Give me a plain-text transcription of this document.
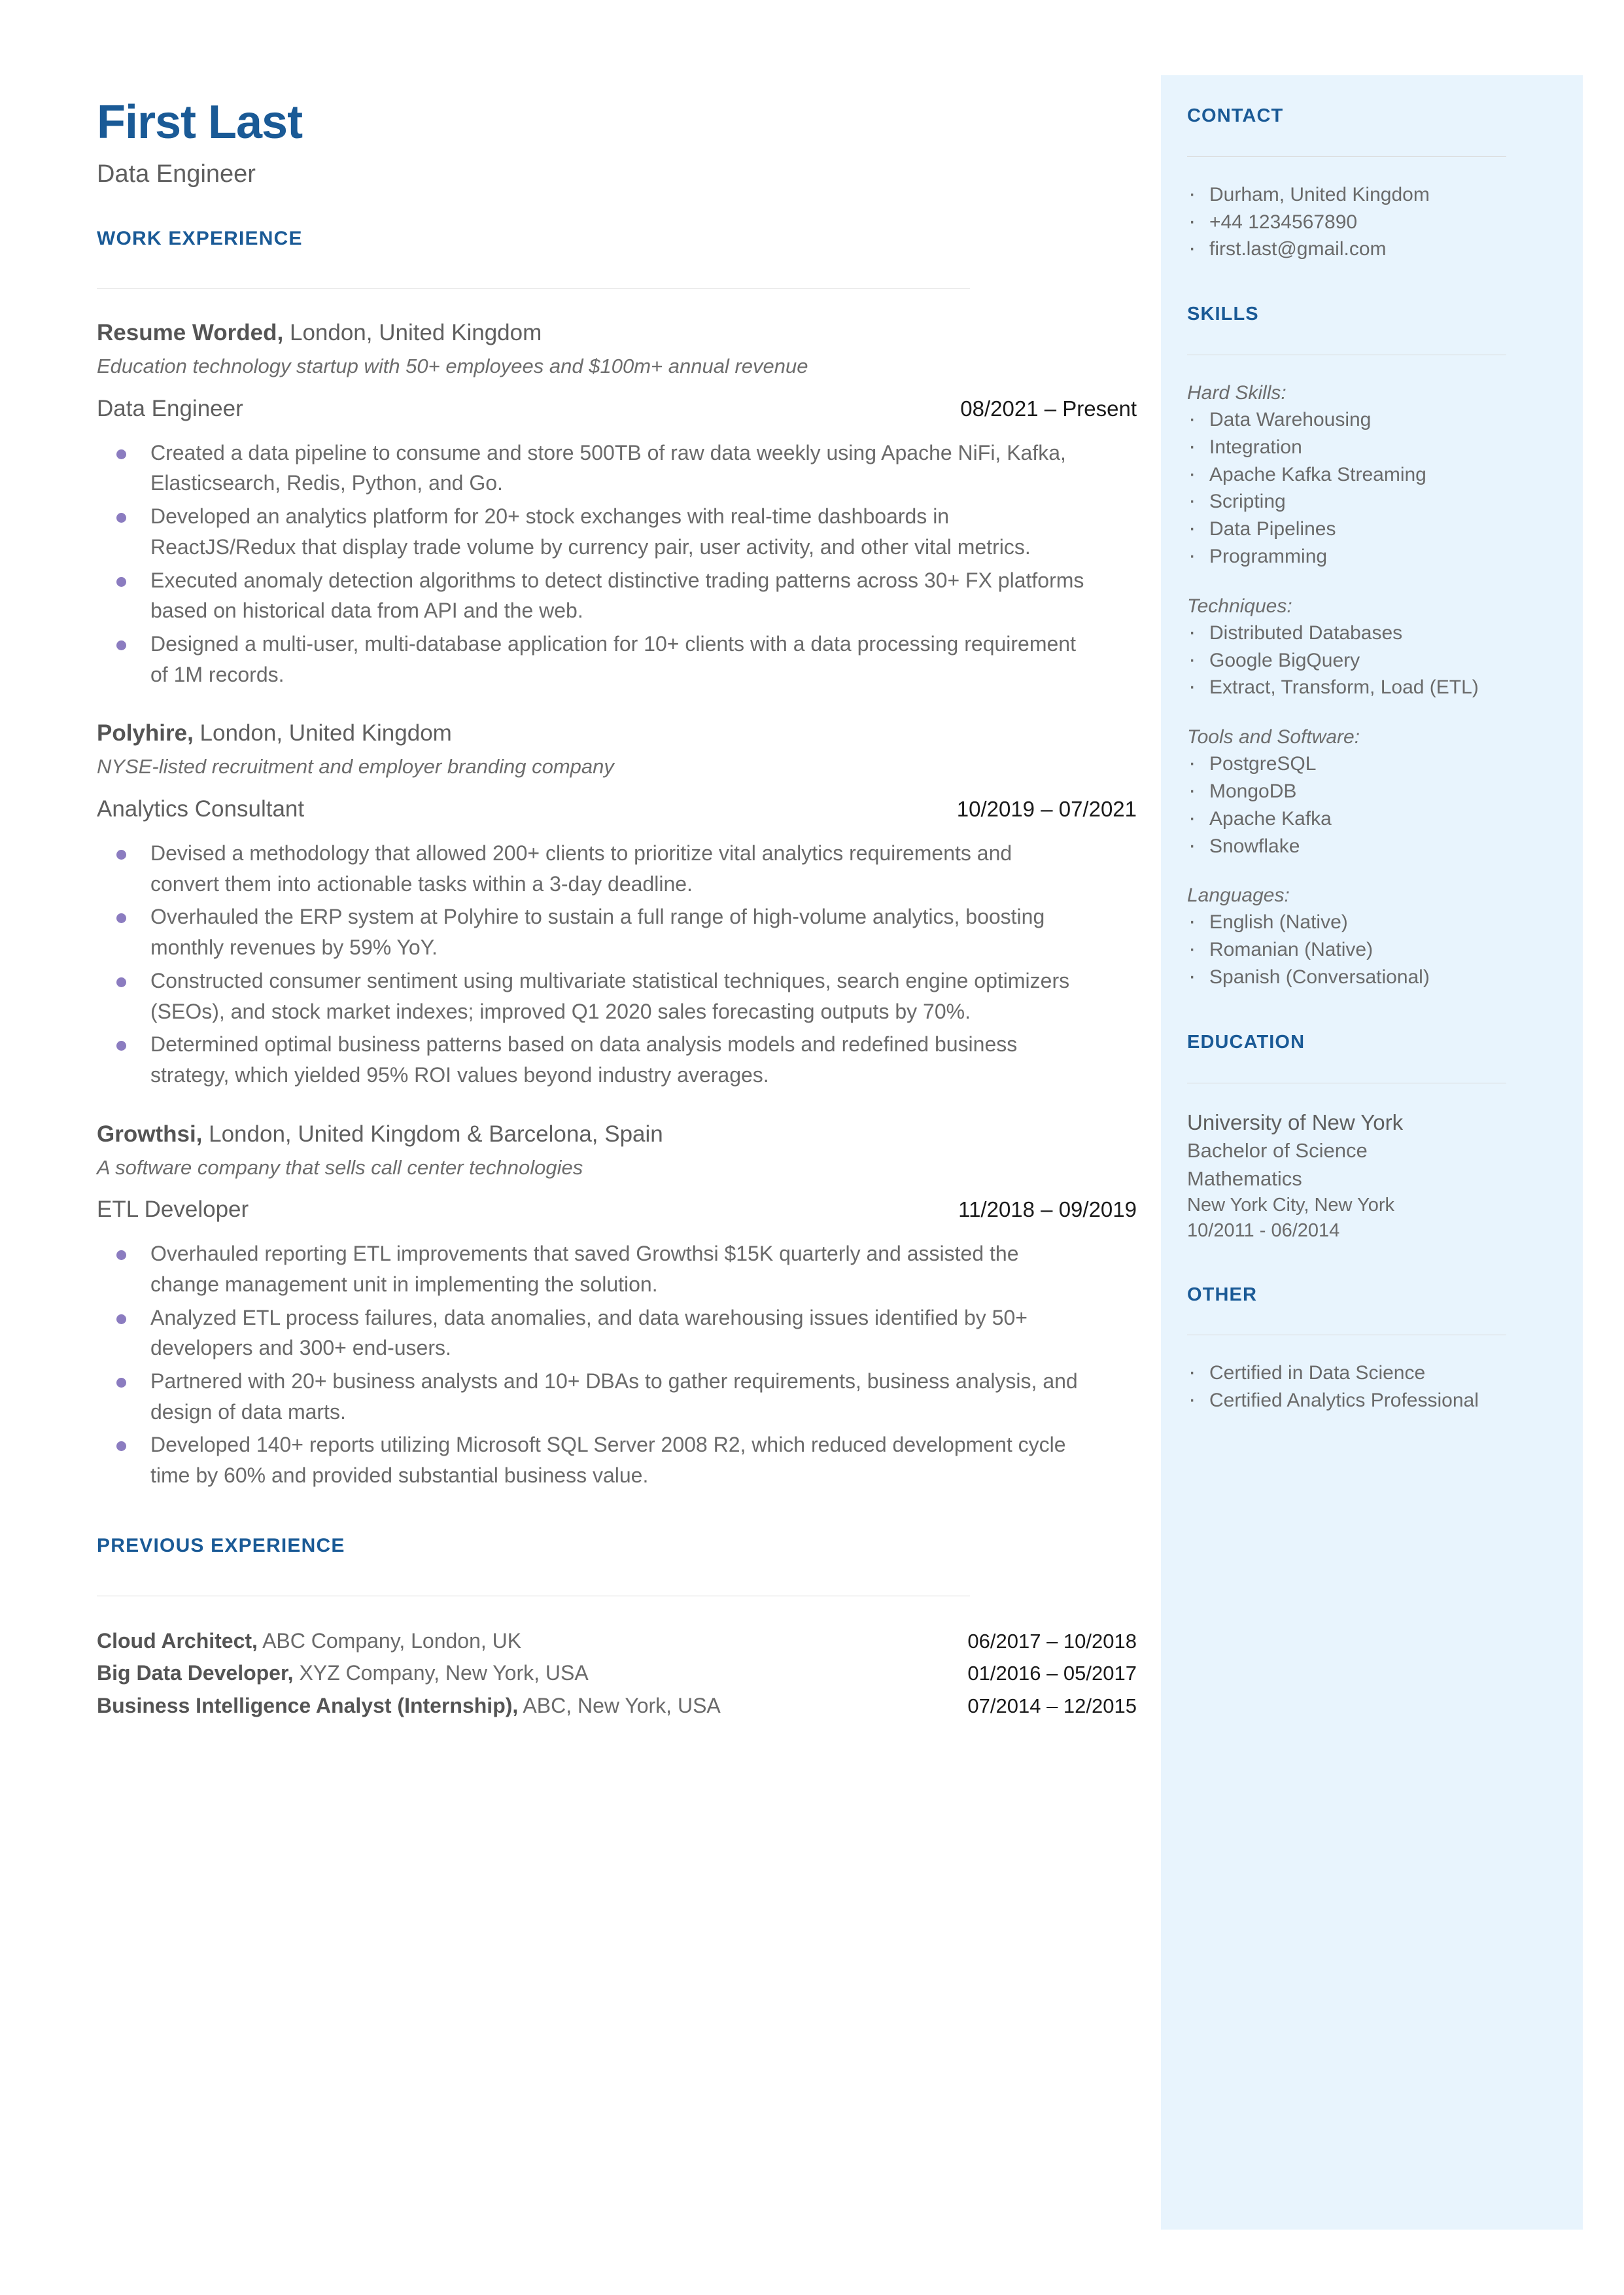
First Last
Data Engineer
WORK EXPERIENCE
Resume Worded, London, United Kingdom
Education technology startup with 50+ employees and $100m+ annual revenue
Data Engineer	08/2021 – Present
Created a data pipeline to consume and store 500TB of raw data weekly using Apache NiFi, Kafka, Elasticsearch, Redis, Python, and Go.
Developed an analytics platform for 20+ stock exchanges with real-time dashboards in ReactJS/Redux that display trade volume by currency pair, user activity, and other vital metrics.
Executed anomaly detection algorithms to detect distinctive trading patterns across 30+ FX platforms based on historical data from API and the web.
Designed a multi-user, multi-database application for 10+ clients with a data processing requirement of 1M records.
Polyhire, London, United Kingdom
NYSE-listed recruitment and employer branding company
Analytics Consultant	10/2019 – 07/2021
Devised a methodology that allowed 200+ clients to prioritize vital analytics requirements and convert them into actionable tasks within a 3-day deadline.
Overhauled the ERP system at Polyhire to sustain a full range of high-volume analytics, boosting monthly revenues by 59% YoY.
Constructed consumer sentiment using multivariate statistical techniques, search engine optimizers (SEOs), and stock market indexes; improved Q1 2020 sales forecasting outputs by 70%.
Determined optimal business patterns based on data analysis models and redefined business strategy, which yielded 95% ROI values beyond industry averages.
Growthsi, London, United Kingdom & Barcelona, Spain
A software company that sells call center technologies
ETL Developer	11/2018 – 09/2019
Overhauled reporting ETL improvements that saved Growthsi $15K quarterly and assisted the change management unit in implementing the solution.
Analyzed ETL process failures, data anomalies, and data warehousing issues identified by 50+ developers and 300+ end-users.
Partnered with 20+ business analysts and 10+ DBAs to gather requirements, business analysis, and design of data marts.
Developed 140+ reports utilizing Microsoft SQL Server 2008 R2, which reduced development cycle time by 60% and provided substantial business value.
PREVIOUS EXPERIENCE
Cloud Architect, ABC Company, London, UK	06/2017 – 10/2018
Big Data Developer, XYZ Company, New York, USA	01/2016 – 05/2017
Business Intelligence Analyst (Internship), ABC, New York, USA	07/2014 – 12/2015
CONTACT
· Durham, United Kingdom
· +44 1234567890
· first.last@gmail.com
SKILLS
Hard Skills:
· Data Warehousing
· Integration
· Apache Kafka Streaming
· Scripting
· Data Pipelines
· Programming
Techniques:
· Distributed Databases
· Google BigQuery
· Extract, Transform, Load (ETL)
Tools and Software:
· PostgreSQL
· MongoDB
· Apache Kafka
· Snowflake
Languages:
· English (Native)
· Romanian (Native)
· Spanish (Conversational)
EDUCATION
University of New York
Bachelor of Science
Mathematics
New York City, New York
10/2011 - 06/2014
OTHER
· Certified in Data Science
· Certified Analytics Professional
